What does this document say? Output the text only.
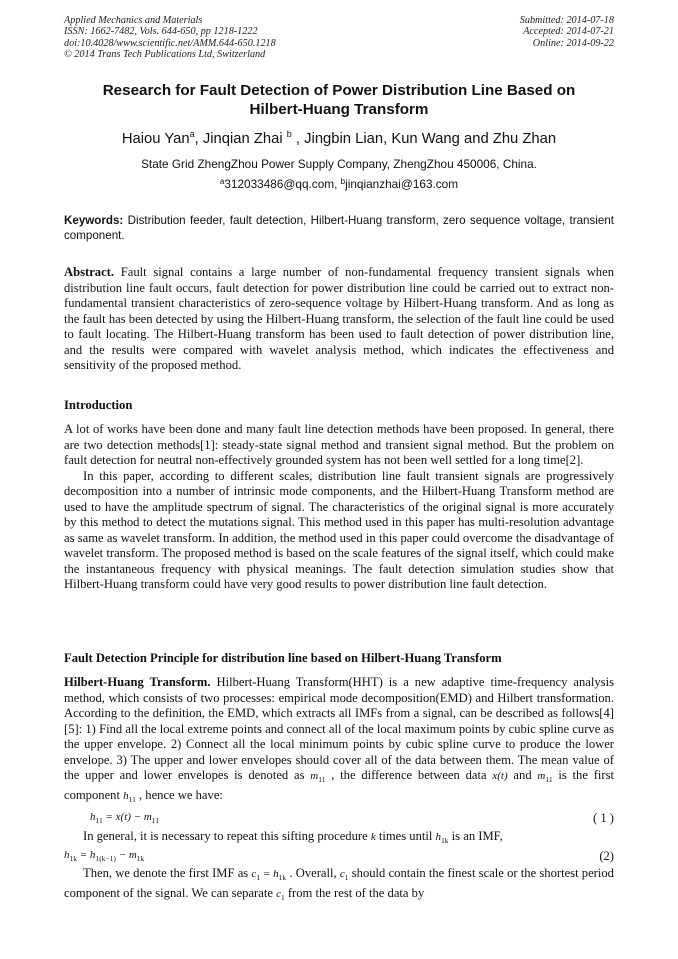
Applied Mechanics and Materials
ISSN: 1662-7482, Vols. 644-650, pp 1218-1222
doi:10.4028/www.scientific.net/AMM.644-650.1218
© 2014 Trans Tech Publications Ltd, Switzerland
Submitted: 2014-07-18
Accepted: 2014-07-21
Online: 2014-09-22
Research for Fault Detection of Power Distribution Line Based on
Hilbert-Huang Transform
Haiou Yan$^a$, Jinqian Zhai $^b$ , Jingbin Lian, Kun Wang and Zhu Zhan
State Grid ZhengZhou Power Supply Company, ZhengZhou 450006, China.
$^a$312033486@qq.com, $^b$jinqianzhai@163.com
Keywords: Distribution feeder, fault detection, Hilbert-Huang transform, zero sequence voltage, transient component.

Abstract. Fault signal contains a large number of non-fundamental frequency transient signals when distribution line fault occurs, fault detection for power distribution line could be carried out to extract non-fundamental transient characteristics of zero-sequence voltage by Hilbert-Huang transform. And as long as the fault has been detected by using the Hilbert-Huang transform, the selection of the fault line could be used to fault locating. The Hilbert-Huang transform has been used to fault detection of power distribution line, and the results were compared with wavelet analysis method, which indicates the effectiveness and sensitivity of the proposed method.

Introduction

A lot of works have been done and many fault line detection methods have been proposed. In general, there are two detection methods[1]: steady-state signal method and transient signal method. But the problem on fault detection for neutral non-effectively grounded system has not been well settled for a long time[2].

In this paper, according to different scales, distribution line fault transient signals are progressively decomposition into a number of intrinsic mode components, and the Hilbert-Huang Transform method are used to have the amplitude spectrum of signal. The characteristics of the original signal is more accurately by this method to detect the mutations signal. This method used in this paper has multi-resolution advantage as same as wavelet transform. In addition, the method used in this paper could overcome the disadvantage of wavelet transform. The proposed method is based on the scale features of the signal itself, which could make the instantaneous frequency with physical meanings. The fault detection simulation studies show that Hilbert-Huang transform could have very good results to power distribution line fault detection.

Fault Detection Principle for distribution line based on Hilbert-Huang Transform

Hilbert-Huang Transform. Hilbert-Huang Transform(HHT) is a new adaptive time-frequency analysis method, which consists of two processes: empirical mode decomposition(EMD) and Hilbert transformation. According to the definition, the EMD, which extracts all IMFs from a signal, can be described as follows[4][5]: 1) Find all the local extreme points and connect all of the local maximum points by cubic spline curve as the upper envelope. 2) Connect all the local minimum points by cubic spline curve to produce the lower envelope. 3) The upper and lower envelopes should cover all of the data between them. The mean value of the upper and lower envelopes is denoted as $m_{11}$ , the difference between data x(t) and $m_{11}$ is the first component $h_{11}$ , hence we have:

$h_{11} = x(t) - m_{11}$	( 1 )

In general, it is necessary to repeat this sifting procedure k times until $h_{1k}$ is an IMF,

$h_{1k} = h_{1(k-1)} - m_{1k}$	(2)

Then, we denote the first IMF as $c_1 = h_{1k}$ . Overall, $c_1$ should contain the finest scale or the shortest period component of the signal. We can separate $c_1$ from the rest of the data by
